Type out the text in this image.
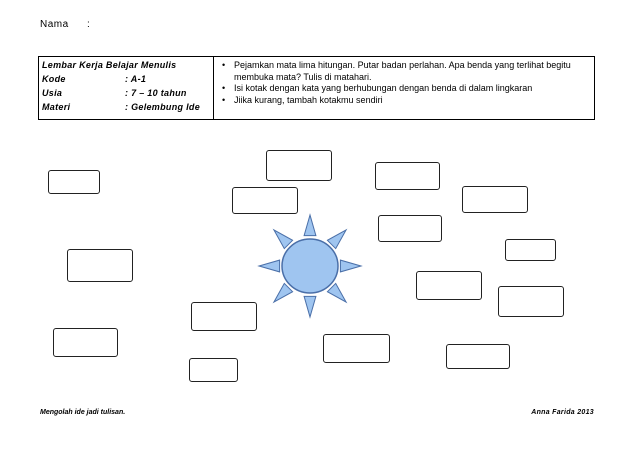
Nama :
Lembar Kerja Belajar Menulis
Kode	: A-1
Usia	: 7 – 10 tahun
Materi	: Gelembung Ide
• Pejamkan mata lima hitungan. Putar badan perlahan. Apa benda yang terlihat begitu membuka mata? Tulis di matahari.
• Isi kotak dengan kata yang berhubungan dengan benda di dalam lingkaran
• Jiika kurang, tambah kotakmu sendiri
Mengolah ide jadi tulisan.	Anna Farida 2013
